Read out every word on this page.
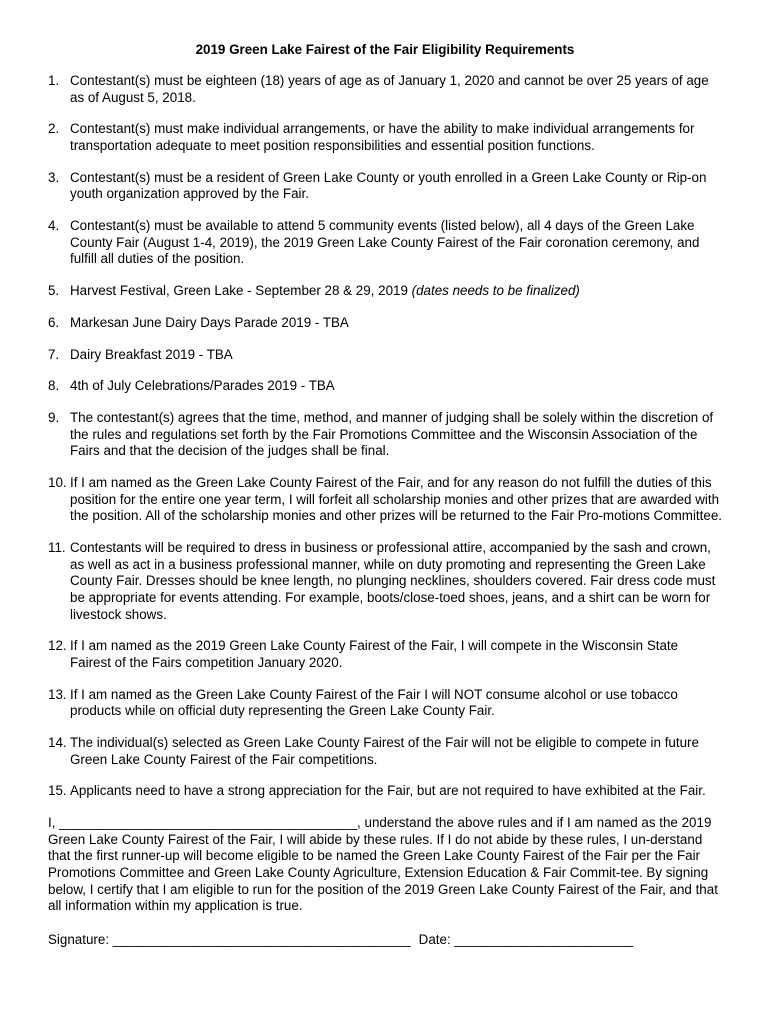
2019 Green Lake Fairest of the Fair Eligibility Requirements
1. Contestant(s) must be eighteen (18) years of age as of January 1, 2020 and cannot be over 25 years of age as of August 5, 2018.
2. Contestant(s) must make individual arrangements, or have the ability to make individual arrangements for transportation adequate to meet position responsibilities and essential position functions.
3. Contestant(s) must be a resident of Green Lake County or youth enrolled in a Green Lake County or Rip-on youth organization approved by the Fair.
4. Contestant(s) must be available to attend 5 community events (listed below), all 4 days of the Green Lake County Fair (August 1-4, 2019), the 2019 Green Lake County Fairest of the Fair coronation ceremony, and fulfill all duties of the position.
5. Harvest Festival, Green Lake - September 28 & 29, 2019 (dates needs to be finalized)
6. Markesan June Dairy Days Parade 2019 - TBA
7. Dairy Breakfast 2019 - TBA
8. 4th of July Celebrations/Parades 2019 - TBA
9. The contestant(s) agrees that the time, method, and manner of judging shall be solely within the discretion of the rules and regulations set forth by the Fair Promotions Committee and the Wisconsin Association of the Fairs and that the decision of the judges shall be final.
10. If I am named as the Green Lake County Fairest of the Fair, and for any reason do not fulfill the duties of this position for the entire one year term, I will forfeit all scholarship monies and other prizes that are awarded with the position. All of the scholarship monies and other prizes will be returned to the Fair Pro-motions Committee.
11. Contestants will be required to dress in business or professional attire, accompanied by the sash and crown, as well as act in a business professional manner, while on duty promoting and representing the Green Lake County Fair. Dresses should be knee length, no plunging necklines, shoulders covered. Fair dress code must be appropriate for events attending. For example, boots/close-toed shoes, jeans, and a shirt can be worn for livestock shows.
12. If I am named as the 2019 Green Lake County Fairest of the Fair, I will compete in the Wisconsin State Fairest of the Fairs competition January 2020.
13. If I am named as the Green Lake County Fairest of the Fair I will NOT consume alcohol or use tobacco products while on official duty representing the Green Lake County Fair.
14. The individual(s) selected as Green Lake County Fairest of the Fair will not be eligible to compete in future Green Lake County Fairest of the Fair competitions.
15. Applicants need to have a strong appreciation for the Fair, but are not required to have exhibited at the Fair.

I, ________________________________________, understand the above rules and if I am named as the 2019 Green Lake County Fairest of the Fair, I will abide by these rules. If I do not abide by these rules, I un-derstand that the first runner-up will become eligible to be named the Green Lake County Fairest of the Fair per the Fair Promotions Committee and Green Lake County Agriculture, Extension Education & Fair Commit-tee. By signing below, I certify that I am eligible to run for the position of the 2019 Green Lake County Fairest of the Fair, and that all information within my application is true.

Signature: ________________________________________ Date: ________________________
